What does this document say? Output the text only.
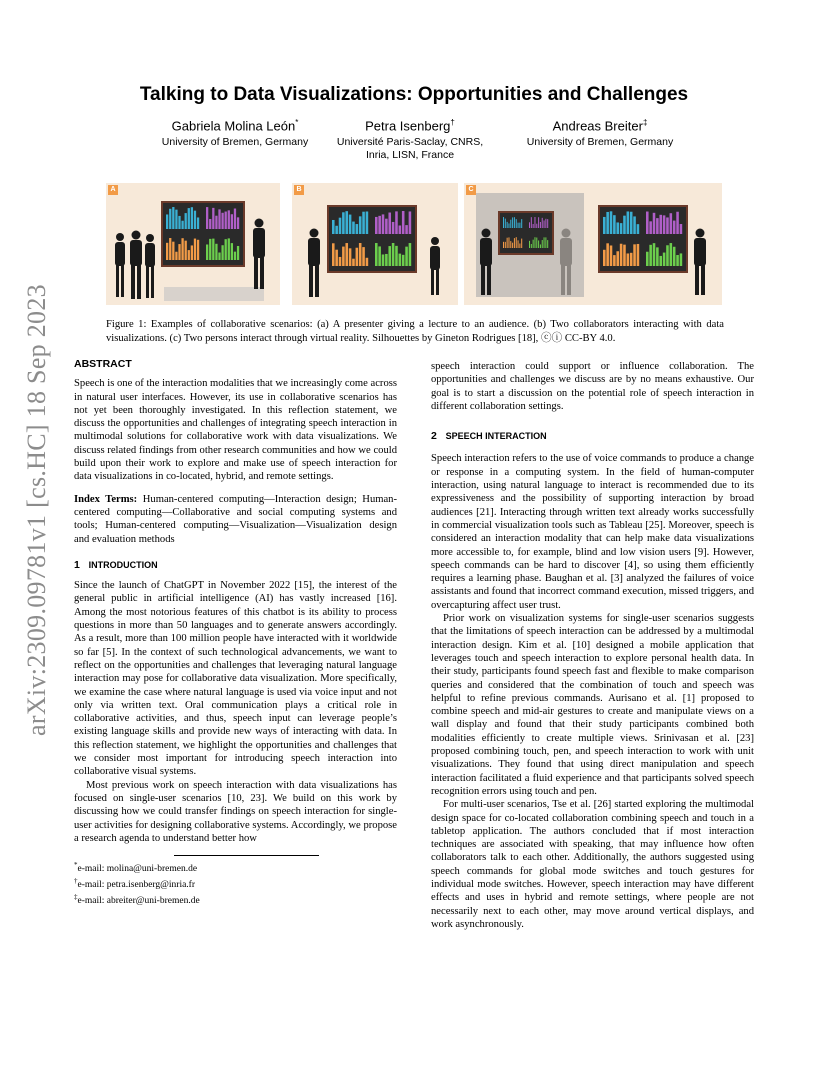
arXiv:2309.09781v1 [cs.HC] 18 Sep 2023
Talking to Data Visualizations: Opportunities and Challenges
Gabriela Molina León*
University of Bremen, Germany
Petra Isenberg†
Université Paris-Saclay, CNRS, Inria, LISN, France
Andreas Breiter‡
University of Bremen, Germany
A	B	C
Figure 1: Examples of collaborative scenarios: (a) A presenter giving a lecture to an audience. (b) Two collaborators interacting with data visualizations. (c) Two persons interact through virtual reality. Silhouettes by Gineton Rodrigues [18], ⓒⓘ CC-BY 4.0.

ABSTRACT

Speech is one of the interaction modalities that we increasingly come across in natural user interfaces. However, its use in collaborative scenarios has not yet been thoroughly investigated. In this reflection statement, we discuss the opportunities and challenges of integrating speech interaction in multimodal solutions for collaborative work with data visualizations. We discuss related findings from other research communities and how we could build upon their work to explore and make use of speech interaction for data visualizations in co-located, hybrid, and remote settings.

Index Terms: Human-centered computing—Interaction design; Human-centered computing—Collaborative and social computing systems and tools; Human-centered computing—Visualization—Visualization design and evaluation methods

1 INTRODUCTION

Since the launch of ChatGPT in November 2022 [15], the interest of the general public in artificial intelligence (AI) has vastly increased [16]. Among the most notorious features of this chatbot is its ability to process questions in more than 50 languages and to generate answers accordingly. As a result, more than 100 million people have interacted with it worldwide so far [5]. In the context of such technological advancements, we want to reflect on the opportunities and challenges that leveraging natural language interaction may pose for collaborative data visualization. More specifically, we examine the case where natural language is used via voice input and not only via written text. Oral communication plays a critical role in collaborative activities, and thus, speech input can leverage people’s existing language skills and provide new ways of interacting with data. In this reflection statement, we highlight the opportunities and challenges that we consider most important for introducing speech interaction into collaborative visual systems.

Most previous work on speech interaction with data visualizations has focused on single-user scenarios [10, 23]. We build on this work by discussing how we could transfer findings on speech interaction for single-user activities for designing collaborative systems. Accordingly, we propose a research agenda to understand better how

*e-mail: molina@uni-bremen.de

†e-mail: petra.isenberg@inria.fr

‡e-mail: abreiter@uni-bremen.de

speech interaction could support or influence collaboration. The opportunities and challenges we discuss are by no means exhaustive. Our goal is to start a discussion on the potential role of speech interaction in different collaboration settings.

2 SPEECH INTERACTION

Speech interaction refers to the use of voice commands to produce a change or response in a computing system. In the field of human-computer interaction, using natural language to interact is recommended due to its expressiveness and the possibility of supporting interaction by broad audiences [21]. Interacting through written text already works successfully in commercial visualization tools such as Tableau [25]. Moreover, speech is considered an interaction modality that can help make data visualizations more accessible to, for example, blind and low vision users [9]. However, speech commands can be hard to discover [4], so using them efficiently requires a learning phase. Baughan et al. [3] analyzed the failures of voice assistants and found that incorrect command execution, missed triggers, and overcapturing affect user trust.

Prior work on visualization systems for single-user scenarios suggests that the limitations of speech interaction can be addressed by a multimodal interaction design. Kim et al. [10] designed a mobile application that leverages touch and speech interaction to explore personal health data. In their study, participants found speech fast and flexible to make comparison queries and considered that the combination of touch and speech was helpful to refine previous commands. Aurisano et al. [1] proposed to combine speech and mid-air gestures to create and manipulate views on a wall display and found that their study participants combined both modalities efficiently to create multiple views. Srinivasan et al. [23] proposed combining touch, pen, and speech interaction to work with unit visualizations. They found that using direct manipulation and speech interaction facilitated a fluid experience and that participants solved speech recognition errors using touch and pen.

For multi-user scenarios, Tse et al. [26] started exploring the multimodal design space for co-located collaboration combining speech and touch in a tabletop application. The authors concluded that if most interaction techniques are associated with speaking, that may influence how often collaborators talk to each other. Additionally, the authors suggested using speech commands for global mode switches and touch gestures for individual mode switches. However, speech interaction may have different effects and uses in hybrid and remote settings, where people are not necessarily next to each other, may move around vertical displays, and work asynchronously.
